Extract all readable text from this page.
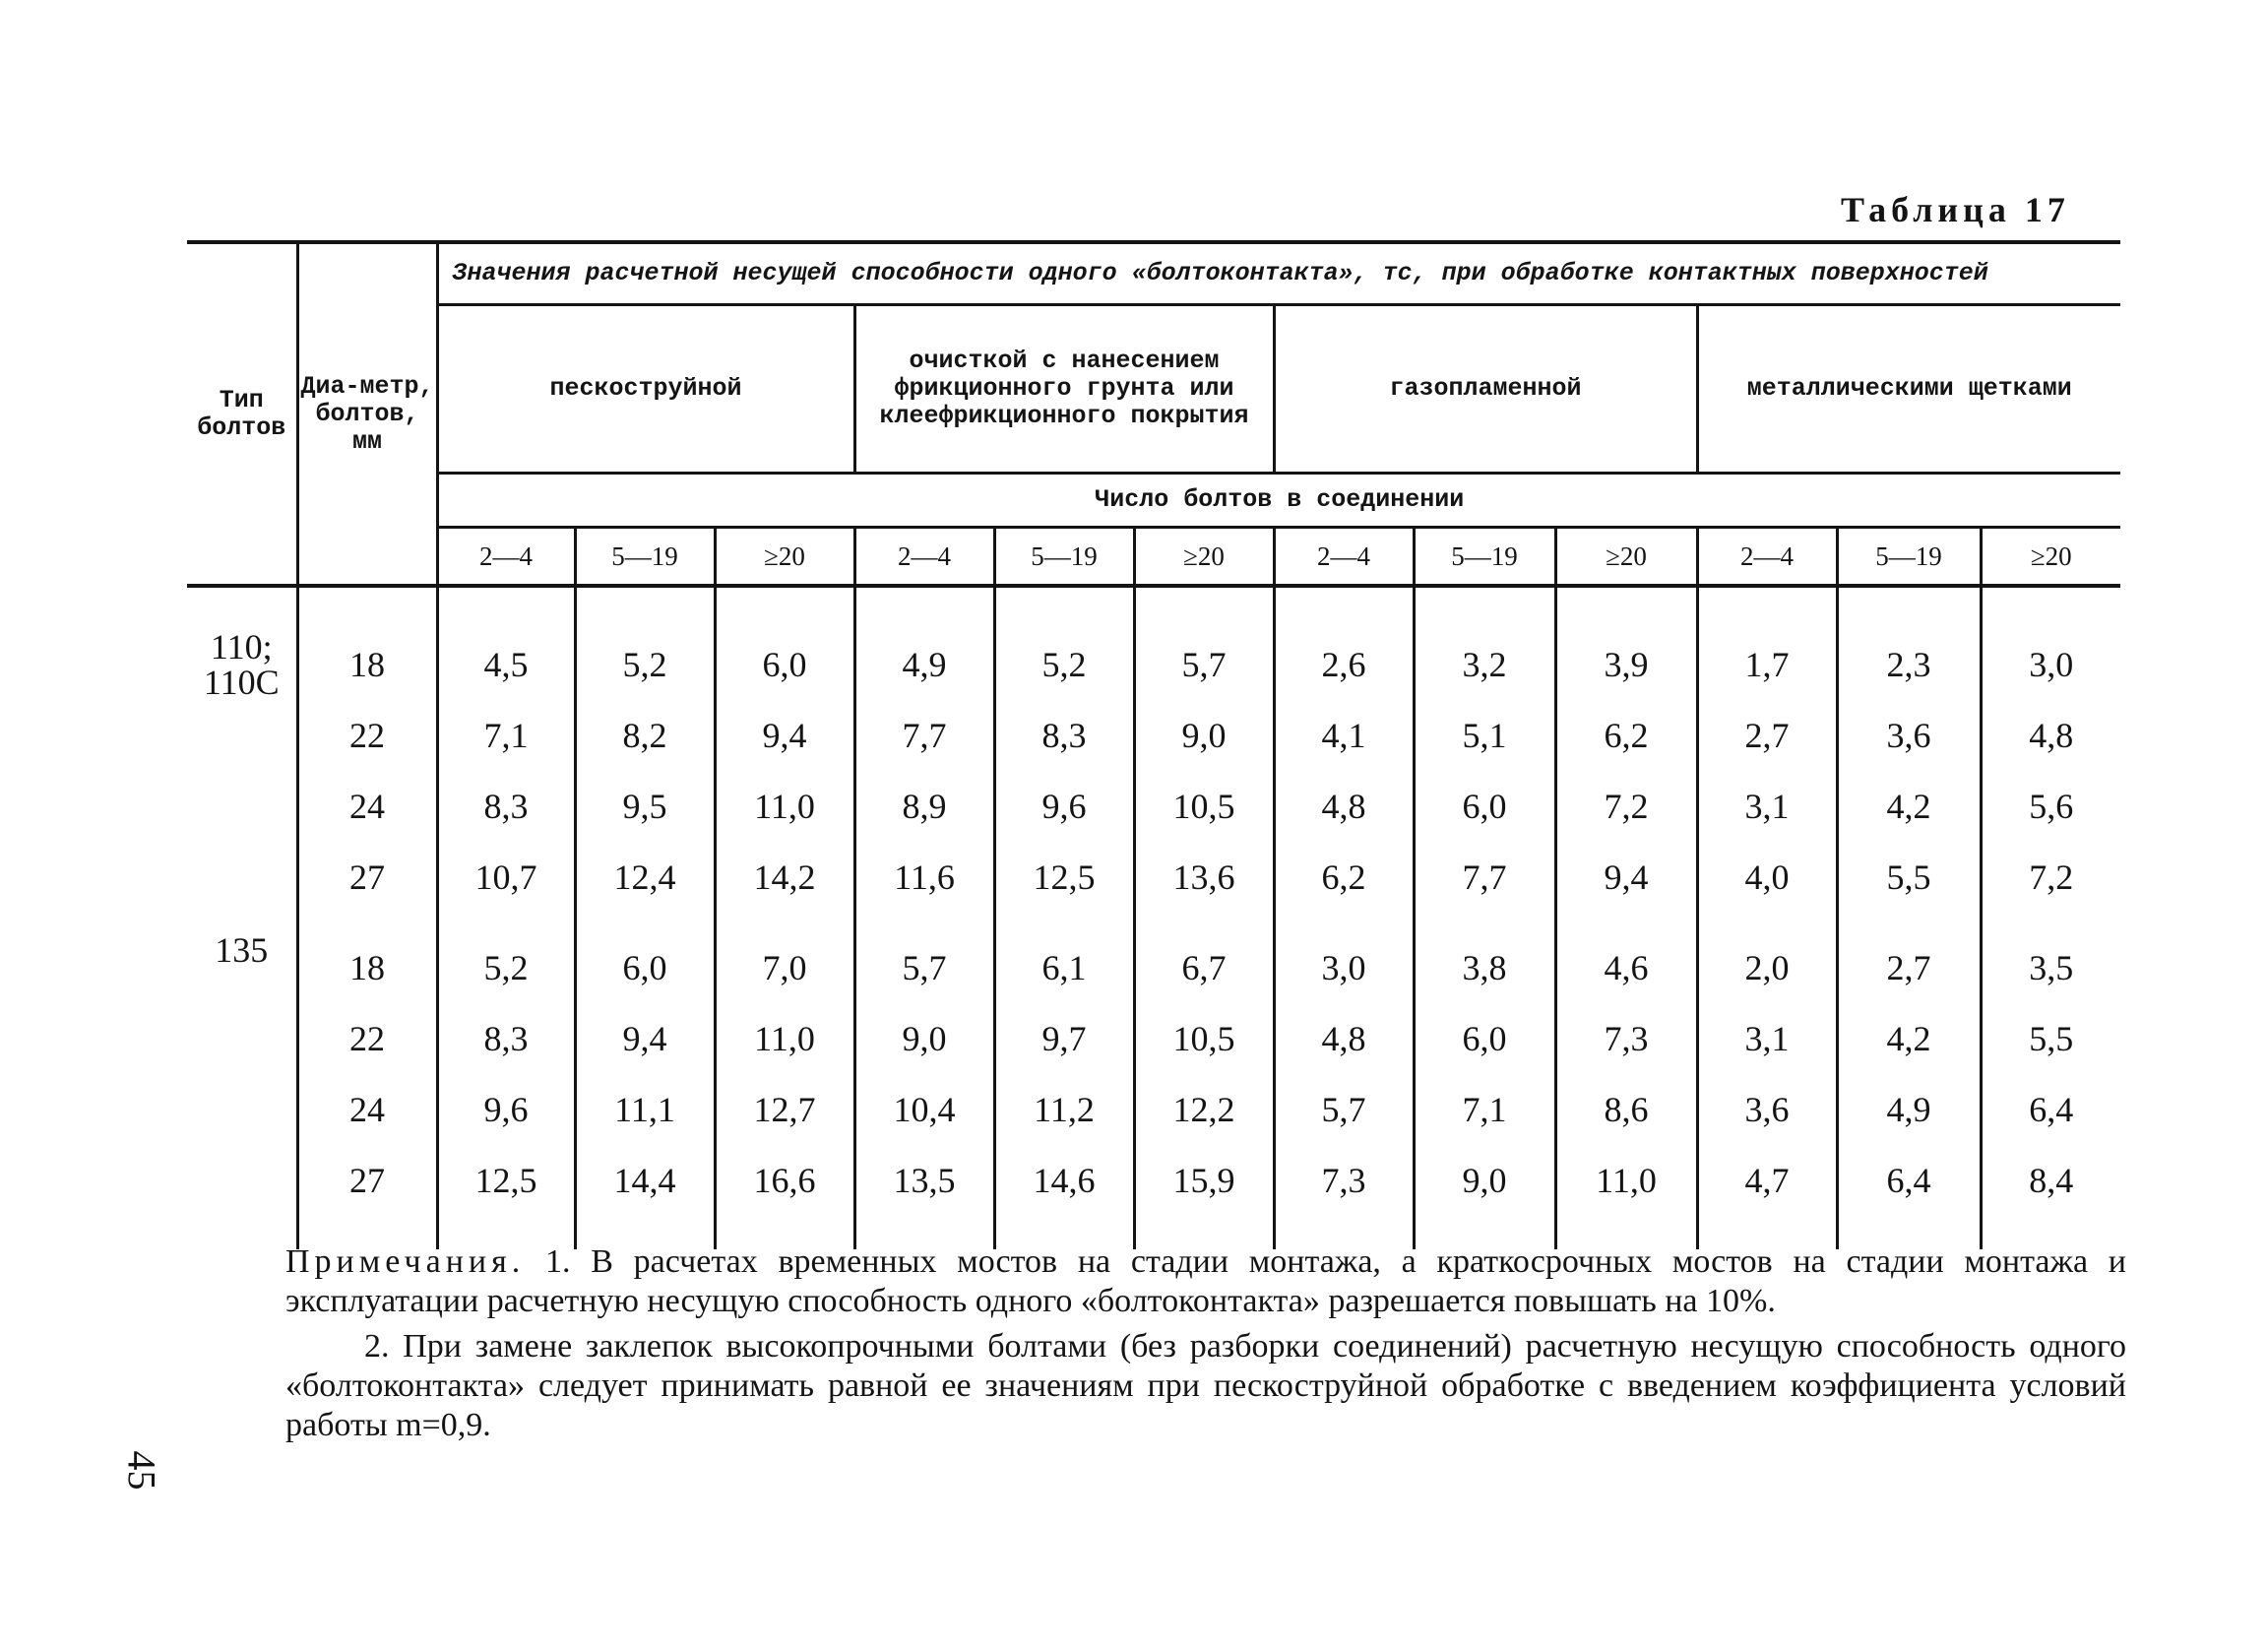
Таблица 17
Тип болтов	Диа-метр, болтов, мм	Значения расчетной несущей способности одного «болтоконтакта», тс, при обработке контактных поверхностей											
		пескоструйной			очисткой с нанесением фрикционного грунта или клеефрикционного покрытия			газопламенной			металлическими щетками		
		Число болтов в соединении											
		2—4	5—19	≥20	2—4	5—19	≥20	2—4	5—19	≥20	2—4	5—19	≥20
110; 110С	18	4,5	5,2	6,0	4,9	5,2	5,7	2,6	3,2	3,9	1,7	2,3	3,0
	22	7,1	8,2	9,4	7,7	8,3	9,0	4,1	5,1	6,2	2,7	3,6	4,8
	24	8,3	9,5	11,0	8,9	9,6	10,5	4,8	6,0	7,2	3,1	4,2	5,6
	27	10,7	12,4	14,2	11,6	12,5	13,6	6,2	7,7	9,4	4,0	5,5	7,2
135	18	5,2	6,0	7,0	5,7	6,1	6,7	3,0	3,8	4,6	2,0	2,7	3,5
	22	8,3	9,4	11,0	9,0	9,7	10,5	4,8	6,0	7,3	3,1	4,2	5,5
	24	9,6	11,1	12,7	10,4	11,2	12,2	5,7	7,1	8,6	3,6	4,9	6,4
	27	12,5	14,4	16,6	13,5	14,6	15,9	7,3	9,0	11,0	4,7	6,4	8,4

Примечания. 1. В расчетах временных мостов на стадии монтажа, а краткосрочных мостов на стадии монтажа и эксплуатации расчетную несущую способность одного «болтоконтакта» разрешается повышать на 10%.

2. При замене заклепок высокопрочными болтами (без разборки соединений) расчетную несущую способность одного «болтоконтакта» следует принимать равной ее значениям при пескоструйной обработке с введением коэффициента условий работы m=0,9.

45
